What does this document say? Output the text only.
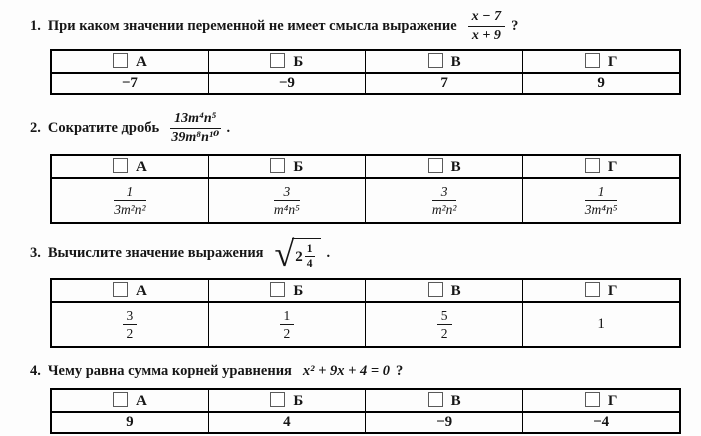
1. При каком значении переменной не имеет смысла выражение $\frac{x - 7}{x + 9}$ ?
А	Б	В	Г
−7	−9	7	9
2. Сократите дробь $\frac{\text{13m⁴n⁵}}{\text{39m⁸n¹⁰}}$ .
А	Б	В	Г

$\frac{1}{\text{3m²n²}}$	$\frac{3}{\text{m⁴n⁵}}$	$\frac{3}{\text{m²n²}}$	$\frac{1}{\text{3m⁴n⁵}}$
3. Вычислите значение выражения √ $2 \frac{1}{4}$ .
А	Б	В	Г

$\frac{3}{2}$	$\frac{1}{2}$	$\frac{5}{2}$	1
4. Чему равна сумма корней уравнения x² + 9x + 4 = 0 ?
А	Б	В	Г
9	4	−9	−4
